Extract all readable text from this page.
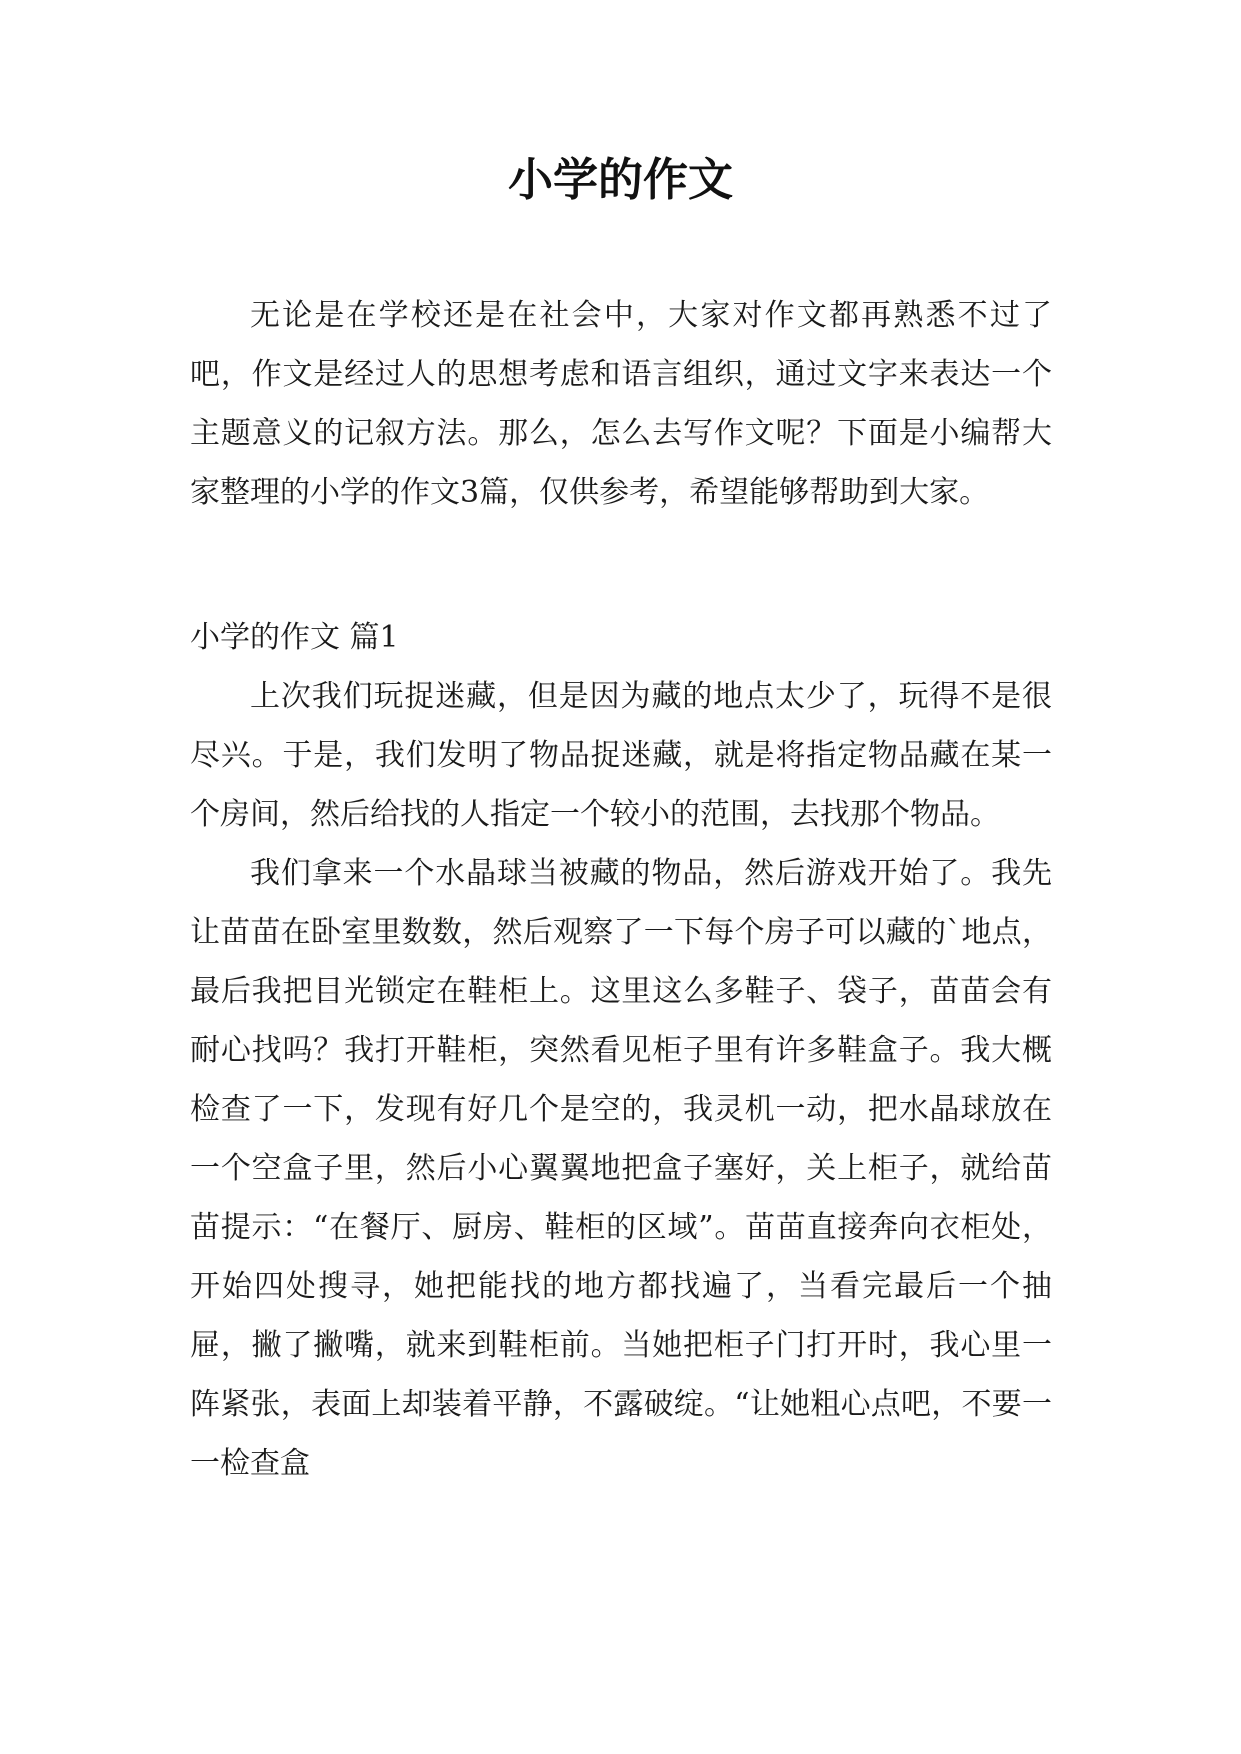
小学的作文

无论是在学校还是在社会中，大家对作文都再熟悉不过了吧，作文是经过人的思想考虑和语言组织，通过文字来表达一个主题意义的记叙方法。那么，怎么去写作文呢？下面是小编帮大家整理的小学的作文3篇，仅供参考，希望能够帮助到大家。

小学的作文 篇1

上次我们玩捉迷藏，但是因为藏的地点太少了，玩得不是很尽兴。于是，我们发明了物品捉迷藏，就是将指定物品藏在某一个房间，然后给找的人指定一个较小的范围，去找那个物品。

我们拿来一个水晶球当被藏的物品，然后游戏开始了。我先让苗苗在卧室里数数，然后观察了一下每个房子可以藏的`地点，最后我把目光锁定在鞋柜上。这里这么多鞋子、袋子，苗苗会有耐心找吗？我打开鞋柜，突然看见柜子里有许多鞋盒子。我大概检查了一下，发现有好几个是空的，我灵机一动，把水晶球放在一个空盒子里，然后小心翼翼地把盒子塞好，关上柜子，就给苗苗提示：“在餐厅、厨房、鞋柜的区域”。苗苗直接奔向衣柜处，开始四处搜寻，她把能找的地方都找遍了，当看完最后一个抽屉，撇了撇嘴，就来到鞋柜前。当她把柜子门打开时，我心里一阵紧张，表面上却装着平静，不露破绽。“让她粗心点吧，不要一一检查盒
